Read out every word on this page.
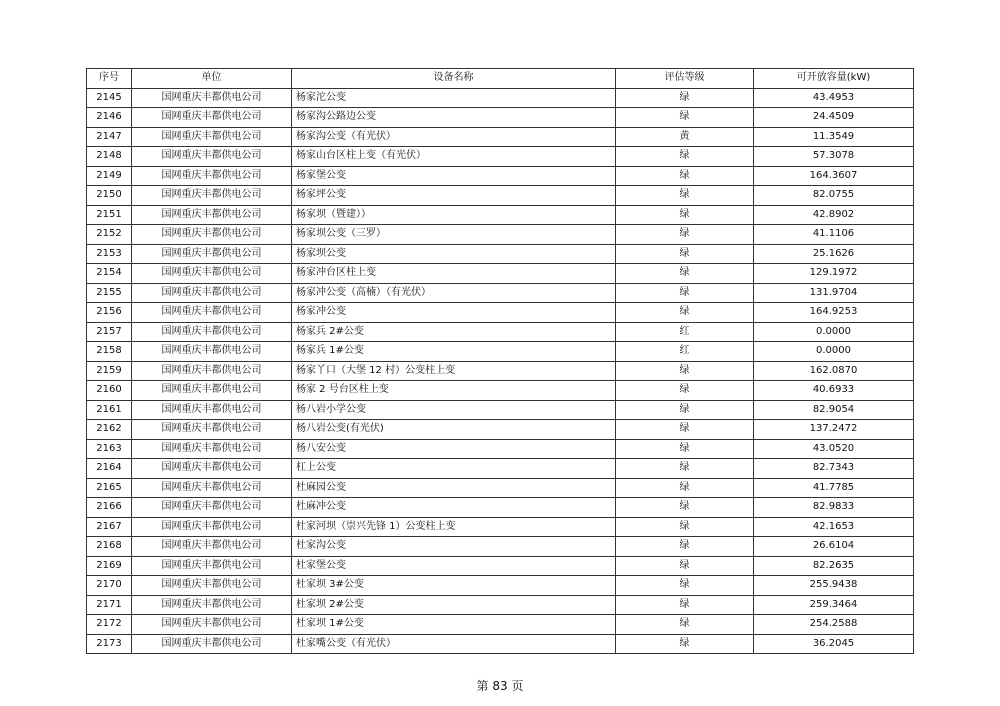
序号	单位	设备名称	评估等级	可开放容量(kW)
2145	国网重庆丰都供电公司	杨家沱公变	绿	43.4953
2146	国网重庆丰都供电公司	杨家沟公路边公变	绿	24.4509
2147	国网重庆丰都供电公司	杨家沟公变（有光伏）	黄	11.3549
2148	国网重庆丰都供电公司	杨家山台区柱上变（有光伏）	绿	57.3078
2149	国网重庆丰都供电公司	杨家堡公变	绿	164.3607
2150	国网重庆丰都供电公司	杨家坪公变	绿	82.0755
2151	国网重庆丰都供电公司	杨家坝（暨建））	绿	42.8902
2152	国网重庆丰都供电公司	杨家坝公变（三罗）	绿	41.1106
2153	国网重庆丰都供电公司	杨家坝公变	绿	25.1626
2154	国网重庆丰都供电公司	杨家冲台区柱上变	绿	129.1972
2155	国网重庆丰都供电公司	杨家冲公变（高楠）（有光伏）	绿	131.9704
2156	国网重庆丰都供电公司	杨家冲公变	绿	164.9253
2157	国网重庆丰都供电公司	杨家兵 2#公变	红	0.0000
2158	国网重庆丰都供电公司	杨家兵 1#公变	红	0.0000
2159	国网重庆丰都供电公司	杨家丫口（大堡 12 村）公变柱上变	绿	162.0870
2160	国网重庆丰都供电公司	杨家 2 号台区柱上变	绿	40.6933
2161	国网重庆丰都供电公司	杨八岩小学公变	绿	82.9054
2162	国网重庆丰都供电公司	杨八岩公变(有光伏)	绿	137.2472
2163	国网重庆丰都供电公司	杨八安公变	绿	43.0520
2164	国网重庆丰都供电公司	杠上公变	绿	82.7343
2165	国网重庆丰都供电公司	杜麻园公变	绿	41.7785
2166	国网重庆丰都供电公司	杜麻冲公变	绿	82.9833
2167	国网重庆丰都供电公司	杜家河坝（崇兴先锋 1）公变柱上变	绿	42.1653
2168	国网重庆丰都供电公司	杜家沟公变	绿	26.6104
2169	国网重庆丰都供电公司	杜家堡公变	绿	82.2635
2170	国网重庆丰都供电公司	杜家坝 3#公变	绿	255.9438
2171	国网重庆丰都供电公司	杜家坝 2#公变	绿	259.3464
2172	国网重庆丰都供电公司	杜家坝 1#公变	绿	254.2588
2173	国网重庆丰都供电公司	杜家嘴公变（有光伏）	绿	36.2045
第 83 页
